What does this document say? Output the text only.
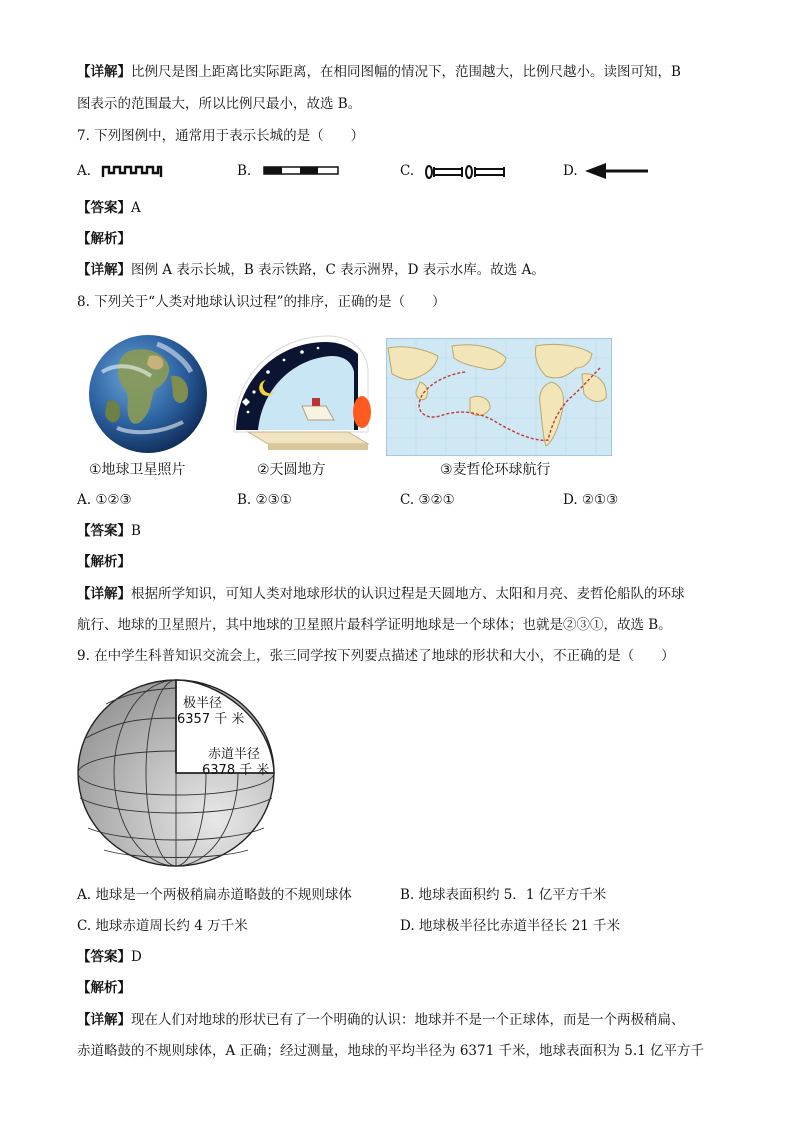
【详解】比例尺是图上距离比实际距离，在相同图幅的情况下，范围越大，比例尺越小。读图可知，B
图表示的范围最大，所以比例尺最小，故选 B。
7. 下列图例中，通常用于表示长城的是（　　）
A.	B.	C.	D.
【答案】A
【解析】
【详解】图例 A 表示长城，B 表示铁路，C 表示洲界，D 表示水库。故选 A。
8. 下列关于“人类对地球认识过程”的排序，正确的是（　　）
①地球卫星照片	②天圆地方	③麦哲伦环球航行
A. ①②③	B. ②③①	C. ③②①	D. ②①③
【答案】B
【解析】
【详解】根据所学知识，可知人类对地球形状的认识过程是天圆地方、太阳和月亮、麦哲伦船队的环球
航行、地球的卫星照片，其中地球的卫星照片最科学证明地球是一个球体；也就是②③①，故选 B。
9. 在中学生科普知识交流会上，张三同学按下列要点描述了地球的形状和大小，不正确的是（　　）
极半径
6357 千 米
赤道半径
6378 千 米
A. 地球是一个两极稍扁赤道略鼓的不规则球体	B. 地球表面积约 5．1 亿平方千米
C. 地球赤道周长约 4 万千米	D. 地球极半径比赤道半径长 21 千米
【答案】D
【解析】
【详解】现在人们对地球的形状已有了一个明确的认识：地球并不是一个正球体，而是一个两极稍扁、
赤道略鼓的不规则球体，A 正确；经过测量，地球的平均半径为 6371 千米，地球表面积为 5.1 亿平方千
